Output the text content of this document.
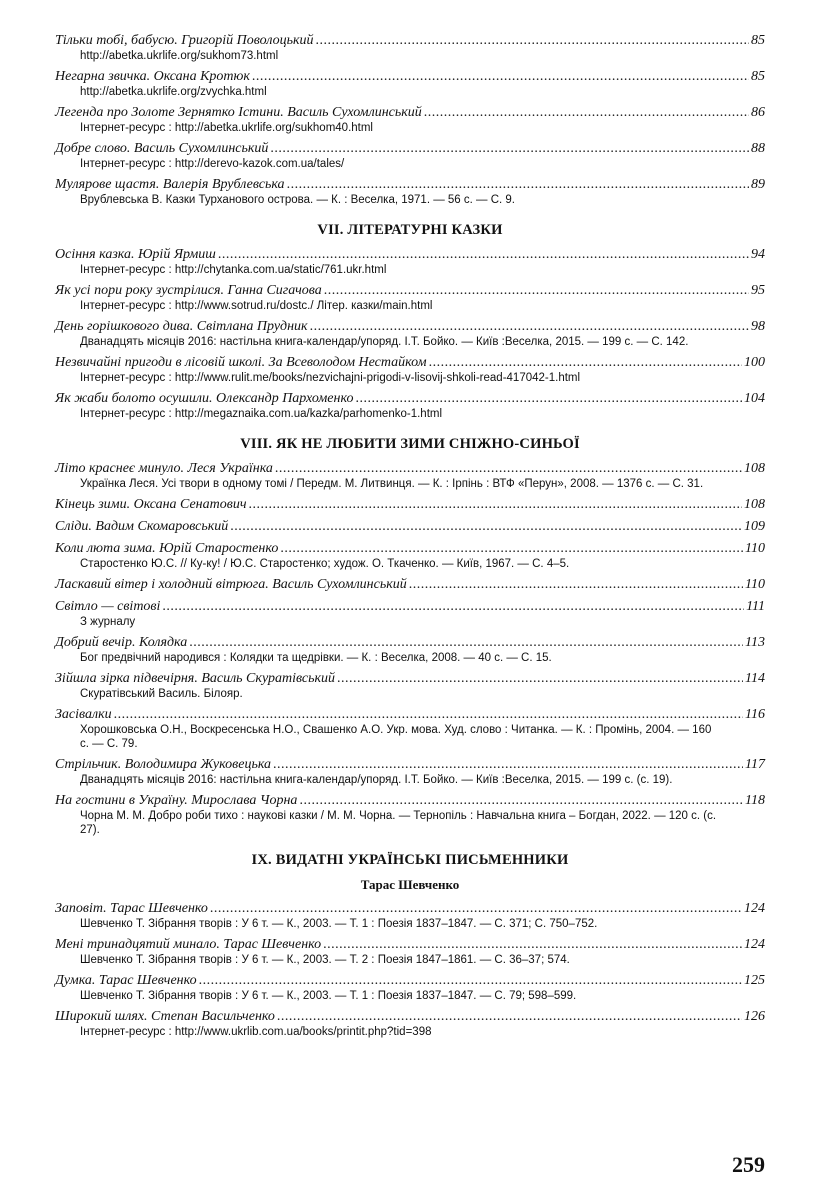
Тільки тобі, бабусю. Григорій Поволоцький .....	85
http://abetka.ukrlife.org/sukhom73.html
Негарна звичка. Оксана Кротюк .....	85
http://abetka.ukrlife.org/zvychka.html
Легенда про Золоте Зернятко Істини. Василь Сухомлинський .....	86
Інтернет-ресурс : http://abetka.ukrlife.org/sukhom40.html
Добре слово. Василь Сухомлинський .....	88
Інтернет-ресурс : http://derevo-kazok.com.ua/tales/
Мулярове щастя. Валерія Врублевська .....	89
Врублевська В. Казки Турханового острова. — К. : Веселка, 1971. — 56 с. — С. 9.
VII. ЛІТЕРАТУРНІ КАЗКИ
Осіння казка. Юрій Ярмиш .....	94
Інтернет-ресурс : http://chytanka.com.ua/static/761.ukr.html
Як усі пори року зустрілися. Ганна Сигачова .....	95
Інтернет-ресурс : http://www.sotrud.ru/dostc./ Літер. казки/main.html
День горішкового дива. Світлана Прудник .....	98
Дванадцять місяців 2016: настільна книга-календар/упоряд. І.Т. Бойко. — Київ :Веселка, 2015. — 199 с. — С. 142.
Незвичайні пригоди в лісовій школі. За Всеволодом Нестайком .....	100
Інтернет-ресурс : http://www.rulit.me/books/nezvichajni-prigodi-v-lisovij-shkoli-read-417042-1.html
Як жаби болото осушили. Олександр Пархоменко .....	104
Інтернет-ресурс : http://megaznaika.com.ua/kazka/parhomenko-1.html
VIII. ЯК НЕ ЛЮБИТИ ЗИМИ СНІЖНО-СИНЬОЇ
Літо краснеє минуло. Леся Українка .....	108
Українка Леся. Усі твори в одному томі / Передм. М. Литвинця. — К. : Ірпінь : ВТФ «Перун», 2008. — 1376 с. — С. 31.
Кінець зими. Оксана Сенатович .....	108
Сліди. Вадим Скомаровський .....	109
Коли люта зима. Юрій Старостенко .....	110
Старостенко Ю.С. // Ку-ку! / Ю.С. Старостенко; худож. О. Ткаченко. — Київ, 1967. — С. 4–5.
Ласкавий вітер і холодний вітрюга. Василь Сухомлинський .....	110
Світло — світові .....	111
З журналу
Добрий вечір. Колядка .....	113
Бог предвічний народився : Колядки та щедрівки. — К. : Веселка, 2008. — 40 с. — С. 15.
Зійшла зірка підвечірня. Василь Скуратівський .....	114
Скуратівський Василь. Білояр.
Засівалки .....	116
Хорошковська О.Н., Воскресенська Н.О., Свашенко А.О. Укр. мова. Худ. слово : Читанка. — К. : Промінь, 2004. — 160 с. — С. 79.
Стрільчик. Володимира Жуковецька .....	117
Дванадцять місяців 2016: настільна книга-календар/упоряд. І.Т. Бойко. — Київ :Веселка, 2015. — 199 с. (с. 19).
На гостини в Україну. Мирослава Чорна .....	118
Чорна М. М. Добро роби тихо : наукові казки / М. М. Чорна. — Тернопіль : Навчальна книга – Богдан, 2022. — 120 с. (с. 27).
IX. ВИДАТНІ УКРАЇНСЬКІ ПИСЬМЕННИКИ
Тарас Шевченко
Заповіт. Тарас Шевченко .....	124
Шевченко Т. Зібрання творів : У 6 т. — К., 2003. — Т. 1 : Поезія 1837–1847. — С. 371; С. 750–752.
Мені тринадцятий минало. Тарас Шевченко .....	124
Шевченко Т. Зібрання творів : У 6 т. — К., 2003. — Т. 2 : Поезія 1847–1861. — С. 36–37; 574.
Думка. Тарас Шевченко .....	125
Шевченко Т. Зібрання творів : У 6 т. — К., 2003. — Т. 1 : Поезія 1837–1847. — С. 79; 598–599.
Широкий шлях. Степан Васильченко .....	126
Інтернет-ресурс : http://www.ukrlib.com.ua/books/printit.php?tid=398
259
